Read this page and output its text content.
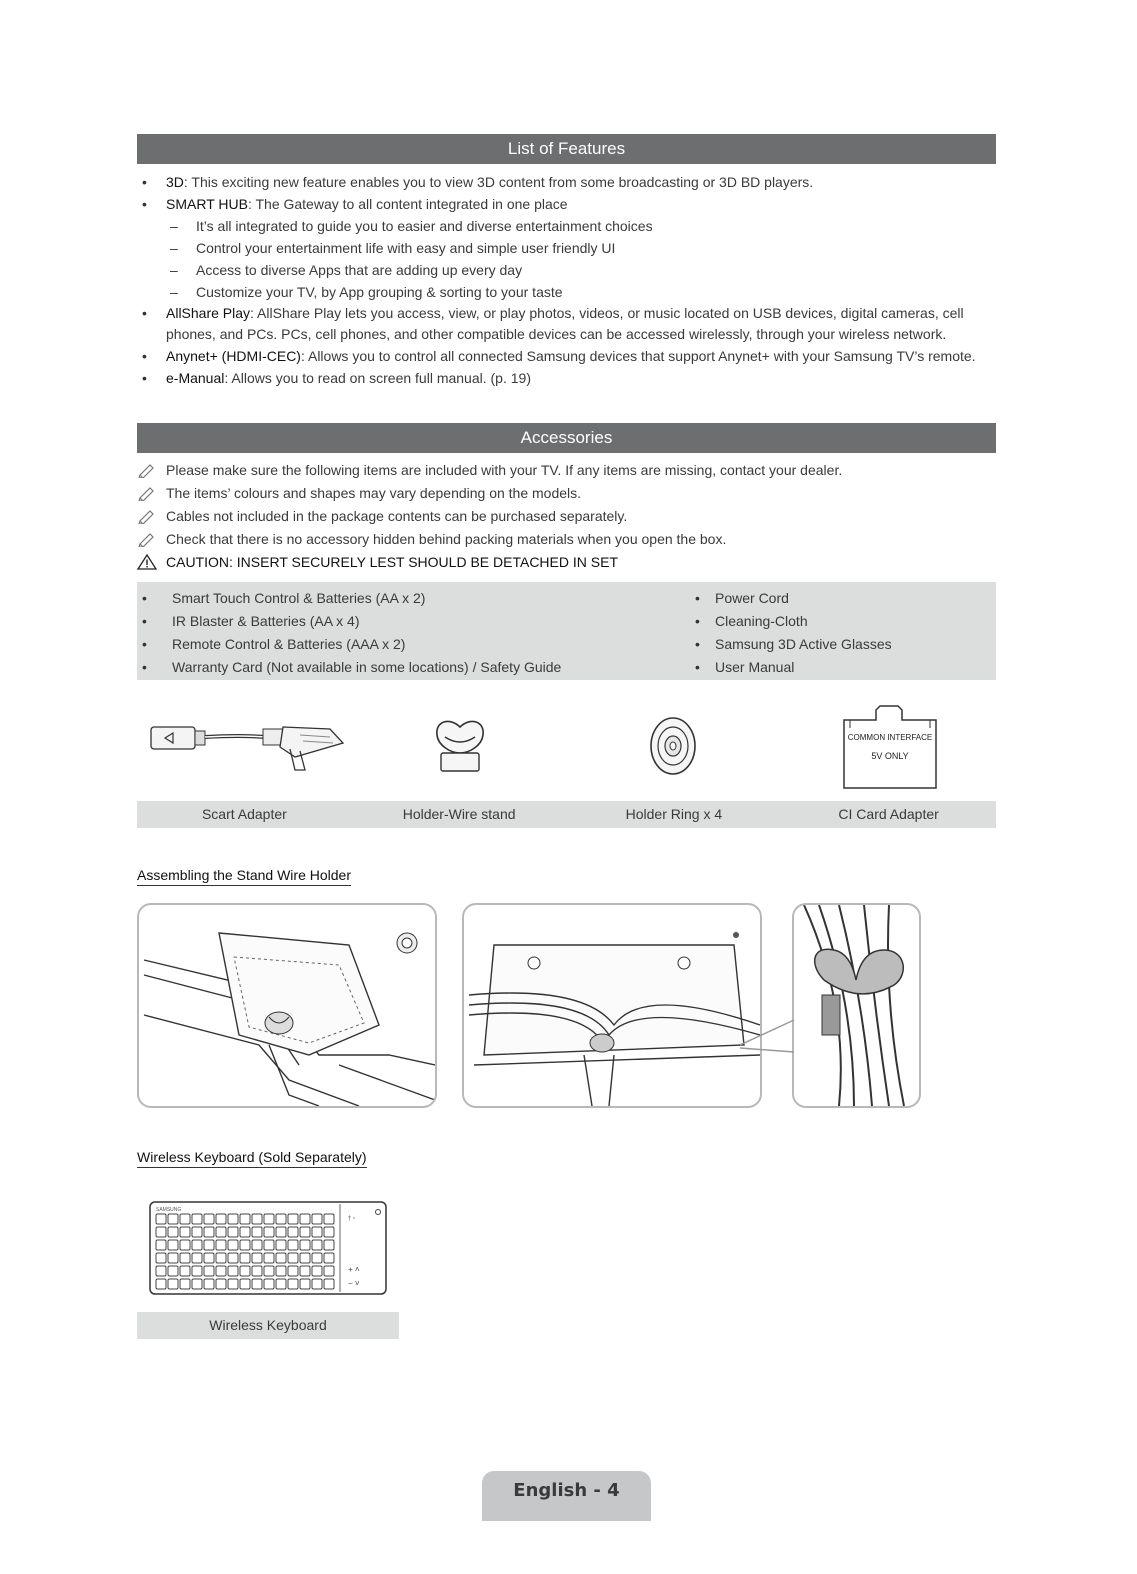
List of Features
• 3D: This exciting new feature enables you to view 3D content from some broadcasting or 3D BD players.
• SMART HUB: The Gateway to all content integrated in one place
– It’s all integrated to guide you to easier and diverse entertainment choices
– Control your entertainment life with easy and simple user friendly UI
– Access to diverse Apps that are adding up every day
– Customize your TV, by App grouping & sorting to your taste
• AllShare Play: AllShare Play lets you access, view, or play photos, videos, or music located on USB devices, digital cameras, cell phones, and PCs. PCs, cell phones, and other compatible devices can be accessed wirelessly, through your wireless network.
• Anynet+ (HDMI-CEC): Allows you to control all connected Samsung devices that support Anynet+ with your Samsung TV’s remote.
• e-Manual: Allows you to read on screen full manual. (p. 19)
Accessories
Please make sure the following items are included with your TV. If any items are missing, contact your dealer.
The items’ colours and shapes may vary depending on the models.
Cables not included in the package contents can be purchased separately.
Check that there is no accessory hidden behind packing materials when you open the box.
CAUTION: INSERT SECURELY LEST SHOULD BE DETACHED IN SET
• Smart Touch Control & Batteries (AA x 2)
• IR Blaster & Batteries (AA x 4)
• Remote Control & Batteries (AAA x 2)
• Warranty Card (Not available in some locations) / Safety Guide
• Power Cord
• Cleaning-Cloth
• Samsung 3D Active Glasses
• User Manual
COMMON INTERFACE
5V ONLY
Scart Adapter	Holder-Wire stand	Holder Ring x 4	CI Card Adapter
Assembling the Stand Wire Holder
Wireless Keyboard (Sold Separately)
SAMSUNG
† ▫
+ ˄
− ˅
Wireless Keyboard
English - 4
